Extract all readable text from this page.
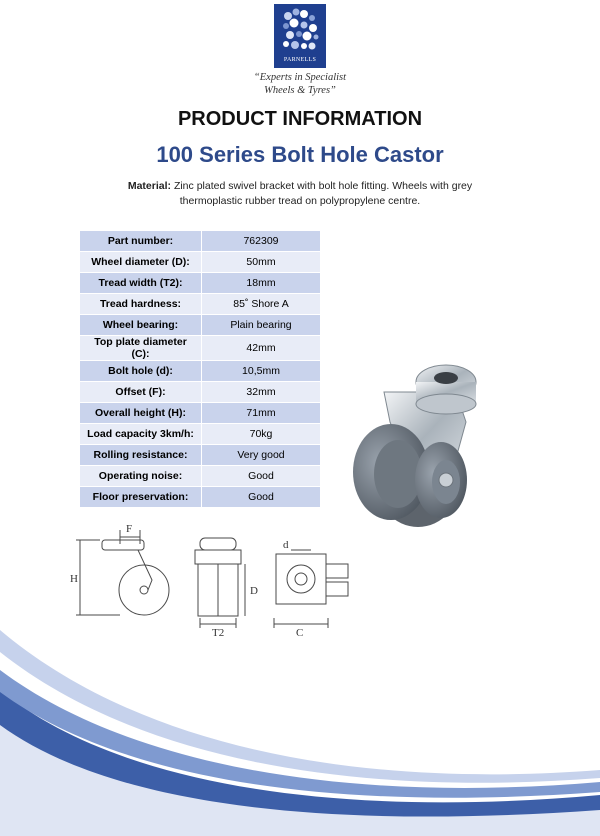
PARNELLS
“Experts in Specialist
Wheels & Tyres”
PRODUCT INFORMATION
100 Series Bolt Hole Castor
Material: Zinc plated swivel bracket with bolt hole fitting. Wheels with grey
thermoplastic rubber tread on polypropylene centre.
Part number:	762309
Wheel diameter (D):	50mm
Tread width (T2):	18mm
Tread hardness:	85˚ Shore A
Wheel bearing:	Plain bearing
Top plate diameter (C):	42mm
Bolt hole (d):	10,5mm
Offset (F):	32mm
Overall height (H):	71mm
Load capacity 3km/h:	70kg
Rolling resistance:	Very good
Operating noise:	Good
Floor preservation:	Good
F
H
D
T2
d
C
